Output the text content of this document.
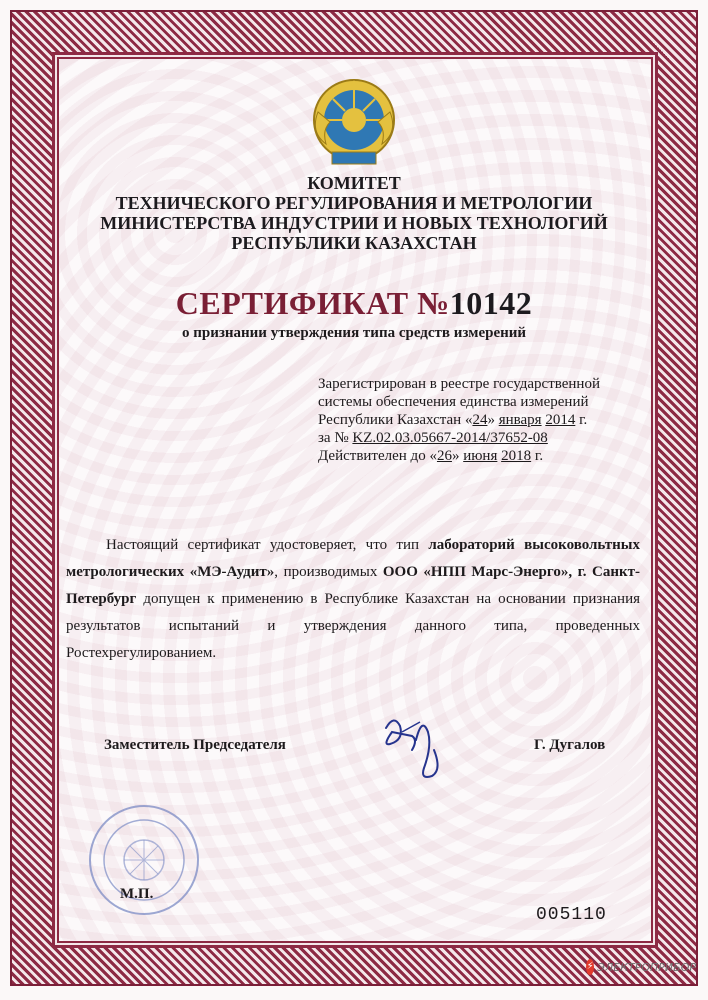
КОМИТЕТ
ТЕХНИЧЕСКОГО РЕГУЛИРОВАНИЯ И МЕТРОЛОГИИ
МИНИСТЕРСТВА ИНДУСТРИИ И НОВЫХ ТЕХНОЛОГИЙ
РЕСПУБЛИКИ КАЗАХСТАН
СЕРТИФИКАТ №10142
о признании утверждения типа средств измерений
Зарегистрирован в реестре государственной
системы обеспечения единства измерений
Республики Казахстан «24» января 2014 г.
за № KZ.02.03.05667-2014/37652-08
Действителен до «26» июня 2018 г.

Настоящий сертификат удостоверяет, что тип лабораторий высоковольтных метрологических «МЭ-Аудит», производимых ООО «НПП Марс-Энерго», г. Санкт-Петербург допущен к применению в Республике Казахстан на основании признания результатов испытаний и утверждения данного типа, проведенных Ростехрегулированием.

Заместитель Председателя	Г. Дугалов
М.П.
005110
⚡ ЭЛЕКТРОПРИБОР
